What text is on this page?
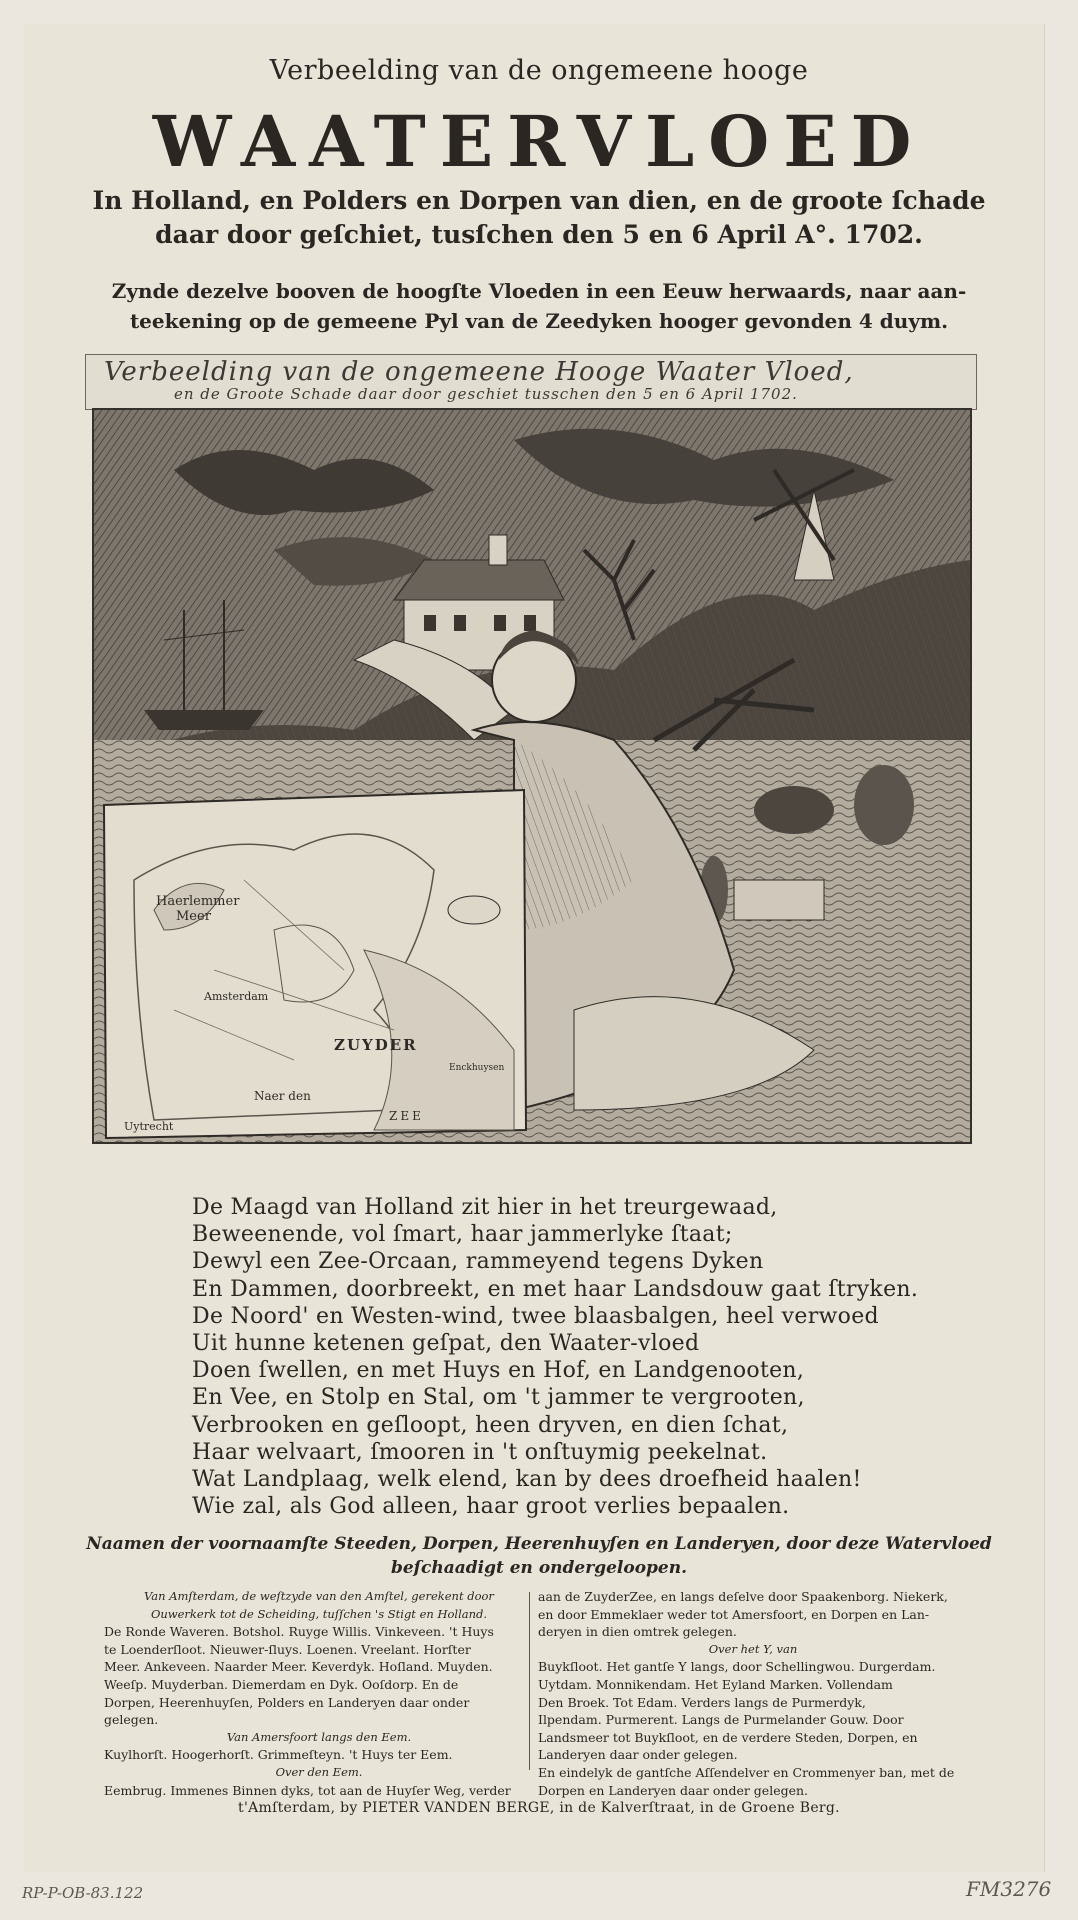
Verbeelding van de ongemeene hooge
WAATERVLOED
In Holland, en Polders en Dorpen van dien, en de groote ſchade
daar door geſchiet, tusſchen den 5 en 6 April A°. 1702.
Zynde dezelve booven de hoogſte Vloeden in een Eeuw herwaards, naar aan-
teekening op de gemeene Pyl van de Zeedyken hooger gevonden 4 duym.
Verbeelding van de ongemeene Hooge Waater Vloed,
en de Groote Schade daar door geschiet tusschen den 5 en 6 April 1702.
Haerlemmer
Meer
Amsterdam
ZUYDER
ZEE
Naer den
Uytrecht
Enckhuysen
De Maagd van Holland zit hier in het treurgewaad,
Beweenende, vol ſmart, haar jammerlyke ſtaat;
Dewyl een Zee-Orcaan, rammeyend tegens Dyken
En Dammen, doorbreekt, en met haar Landsdouw gaat ſtryken.
De Noord' en Westen-wind, twee blaasbalgen, heel verwoed
Uit hunne ketenen geſpat, den Waater-vloed
Doen ſwellen, en met Huys en Hof, en Landgenooten,
En Vee, en Stolp en Stal, om 't jammer te vergrooten,
Verbrooken en geſloopt, heen dryven, en dien ſchat,
Haar welvaart, ſmooren in 't onſtuymig peekelnat.
Wat Landplaag, welk elend, kan by dees droefheid haalen!
Wie zal, als God alleen, haar groot verlies bepaalen.
Naamen der voornaamſte Steeden, Dorpen, Heerenhuyſen en Landeryen, door deze Watervloed
beſchaadigt en ondergeloopen.
Van Amſterdam, de weſtzyde van den Amſtel, gerekent door
Ouwerkerk tot de Scheiding, tuſſchen 's Stigt en Holland.
De Ronde Waveren. Botshol. Ruyge Willis. Vinkeveen. 't Huys
te Loenderſloot. Nieuwer-ſluys. Loenen. Vreelant. Horſter
Meer. Ankeveen. Naarder Meer. Keverdyk. Hoſland. Muyden.
Weeſp. Muyderban. Diemerdam en Dyk. Ooſdorp. En de
Dorpen, Heerenhuyſen, Polders en Landeryen daar onder
gelegen.
Van Amersfoort langs den Eem.
Kuylhorſt. Hoogerhorſt. Grimmeſteyn. 't Huys ter Eem.
Over den Eem.
Eembrug. Immenes Binnen dyks, tot aan de Huyſer Weg, verder
aan de ZuyderZee, en langs deſelve door Spaakenborg. Niekerk,
en door Emmeklaer weder tot Amersfoort, en Dorpen en Lan-
deryen in dien omtrek gelegen.
Over het Y, van
Buykſloot. Het gantſe Y langs, door Schellingwou. Durgerdam.
Uytdam. Monnikendam. Het Eyland Marken. Vollendam
Den Broek. Tot Edam. Verders langs de Purmerdyk,
Ilpendam. Purmerent. Langs de Purmelander Gouw. Door
Landsmeer tot Buykſloot, en de verdere Steden, Dorpen, en
Landeryen daar onder gelegen.
En eindelyk de gantſche Aſſendelver en Crommenyer ban, met de
Dorpen en Landeryen daar onder gelegen.
t'Amſterdam, by PIETER VANDEN BERGE, in de Kalverſtraat, in de Groene Berg.
RP-P-OB-83.122	FM3276
